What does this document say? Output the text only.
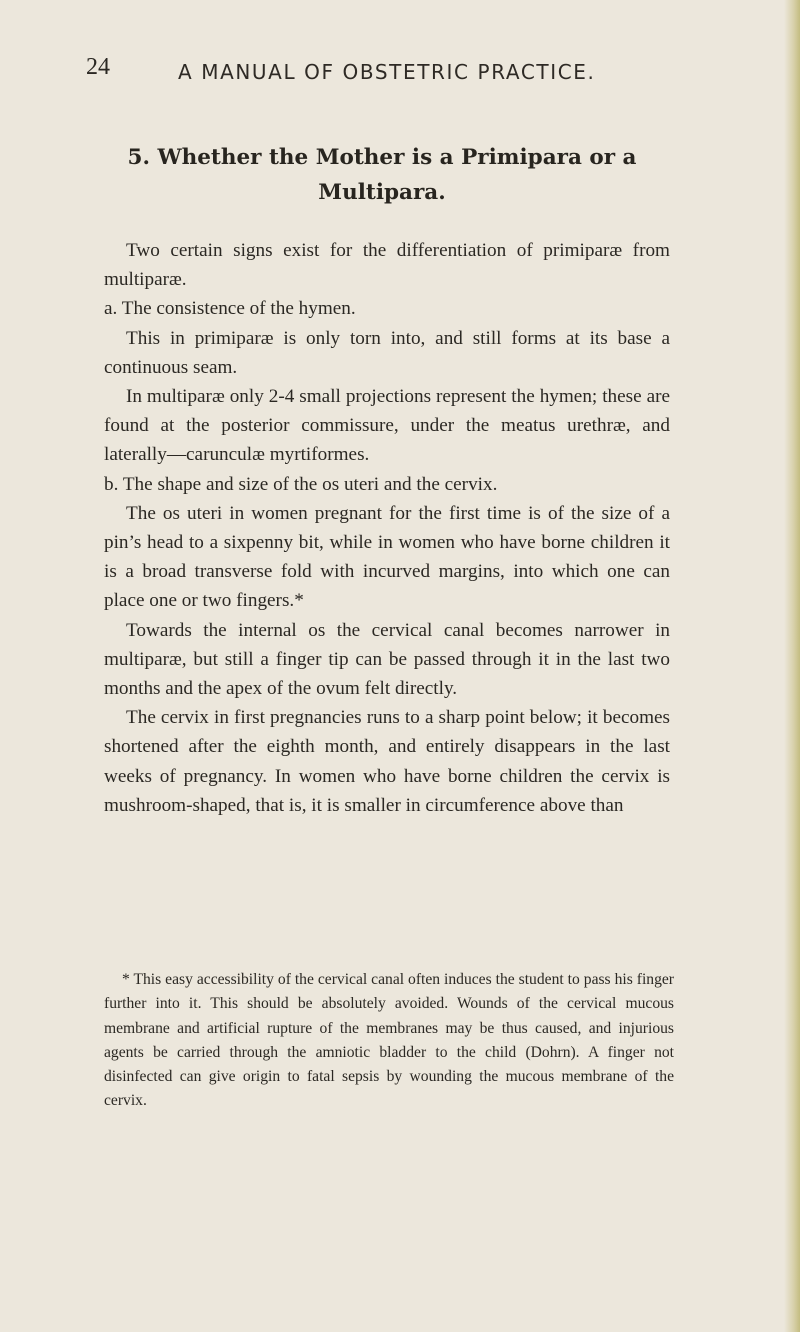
24	A MANUAL OF OBSTETRIC PRACTICE.
5. Whether the Mother is a Primipara or a Multipara.

Two certain signs exist for the differentiation of primiparæ from multiparæ.

a. The consistence of the hymen.

This in primiparæ is only torn into, and still forms at its base a continuous seam.

In multiparæ only 2-4 small projections represent the hymen; these are found at the posterior commissure, under the meatus urethræ, and laterally—carunculæ myrtiformes.

b. The shape and size of the os uteri and the cervix.

The os uteri in women pregnant for the first time is of the size of a pin’s head to a sixpenny bit, while in women who have borne children it is a broad transverse fold with incurved margins, into which one can place one or two fingers.*

Towards the internal os the cervical canal becomes narrower in multiparæ, but still a finger tip can be passed through it in the last two months and the apex of the ovum felt directly.

The cervix in first pregnancies runs to a sharp point below; it becomes shortened after the eighth month, and entirely disappears in the last weeks of pregnancy. In women who have borne children the cervix is mushroom-shaped, that is, it is smaller in circumference above than

* This easy accessibility of the cervical canal often induces the student to pass his finger further into it. This should be absolutely avoided. Wounds of the cervical mucous membrane and artificial rupture of the membranes may be thus caused, and injurious agents be carried through the amniotic bladder to the child (Dohrn). A finger not disinfected can give origin to fatal sepsis by wounding the mucous membrane of the cervix.
